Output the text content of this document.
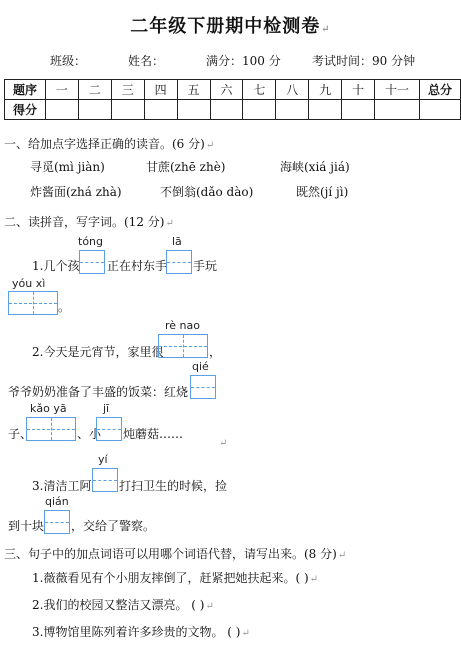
二年级下册期中检测卷↵
班级：	姓名：	满分：100 分	考试时间：90 分钟
题序	一	二	三	四	五	六	七	八	九	十	十一	总分
得分												
一、给加点字选择正确的读音。(6 分)↵
寻觅(mì jiàn)	甘蔗(zhē zhè)	海峡(xiá jiá)
炸酱面(zhá zhà)	不倒翁(dǎo dào)	既然(jí jì)
二、读拼音，写字词。(12 分)↵
tóng
1.几个孩 正在村东手
lā
手玩
yóu xì
。
2.今天是元宵节，家里很
rè nao
，
爷爷奶奶准备了丰盛的饭菜：红烧
qié
子、
kǎo yā
、小
jī
炖蘑菇……
↵
3.清洁工阿
yí
打扫卫生的时候，捡
到十块
qián
，交给了警察。
三、句子中的加点词语可以用哪个词语代替，请写出来。(8 分)↵
1.薇薇看见有个小朋友摔倒了，赶紧把她扶起来。( )↵
2.我们的校园又整洁又漂亮。 ( )↵
3.博物馆里陈列着许多珍贵的文物。 ( )↵
